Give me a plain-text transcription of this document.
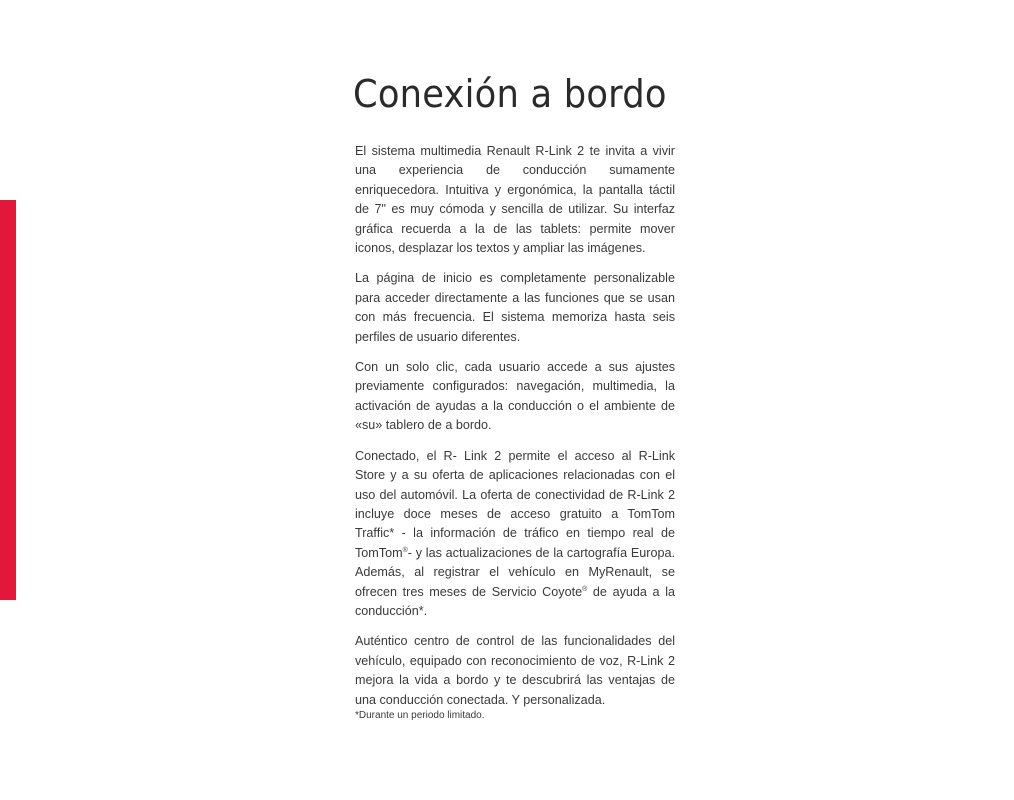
Conexión a bordo

El sistema multimedia Renault R-Link 2 te invita a vivir una experiencia de conducción sumamente enriquecedora. Intuitiva y ergonómica, la pantalla táctil de 7" es muy cómoda y sencilla de utilizar. Su interfaz gráfica recuerda a la de las tablets: permite mover iconos, desplazar los textos y ampliar las imágenes.

La página de inicio es completamente personalizable para acceder directamente a las funciones que se usan con más frecuencia. El sistema memoriza hasta seis perfiles de usuario diferentes.

Con un solo clic, cada usuario accede a sus ajustes previamente configurados: navegación, multimedia, la activación de ayudas a la conducción o el ambiente de «su» tablero de a bordo.

Conectado, el R- Link 2 permite el acceso al R-Link Store y a su oferta de aplicaciones relacionadas con el uso del automóvil. La oferta de conectividad de R-Link 2 incluye doce meses de acceso gratuito a TomTom Traffic* - la información de tráfico en tiempo real de TomTom®- y las actualizaciones de la cartografía Europa. Además, al registrar el vehículo en MyRenault, se ofrecen tres meses de Servicio Coyote® de ayuda a la conducción*.

Auténtico centro de control de las funcionalidades del vehículo, equipado con reconocimiento de voz, R-Link 2 mejora la vida a bordo y te descubrirá las ventajas de una conducción conectada. Y personalizada.

*Durante un periodo limitado.
